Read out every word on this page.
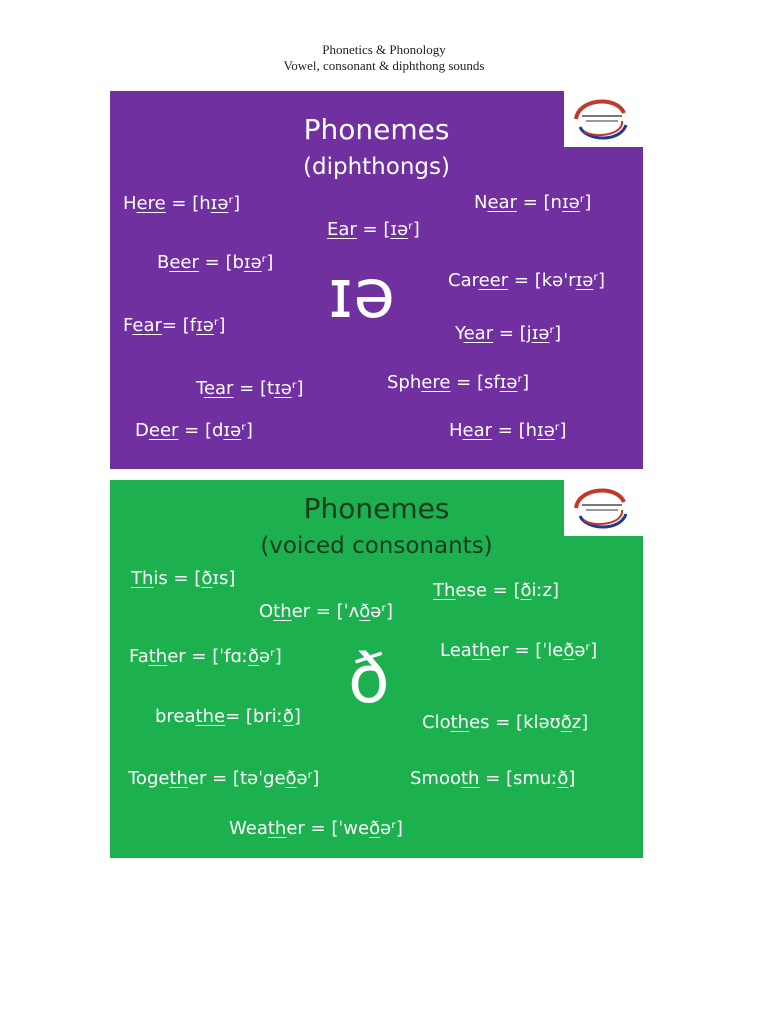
Phonetics & Phonology
Vowel, consonant & diphthong sounds
Phonemes
(diphthongs)
ɪə
Here = [hɪəʳ]	Near = [nɪəʳ]
Ear = [ɪəʳ]
Beer = [bɪəʳ]
Career = [kə'rɪəʳ]
Fear= [fɪəʳ]	Year = [jɪəʳ]
Tear = [tɪəʳ]	Sphere = [sfɪəʳ]
Deer = [dɪəʳ]	Hear = [hɪəʳ]
Phonemes
(voiced consonants)
ð
This = [ðɪs]
These = [ðiːz]
Other = [ˈʌðəʳ]
Father = [ˈfɑːðəʳ]	Leather = [ˈleðəʳ]
breathe= [briːð]	Clothes = [kləʊðz]
Together = [təˈgeðəʳ]	Smooth = [smuːð]
Weather = [ˈweðəʳ]
